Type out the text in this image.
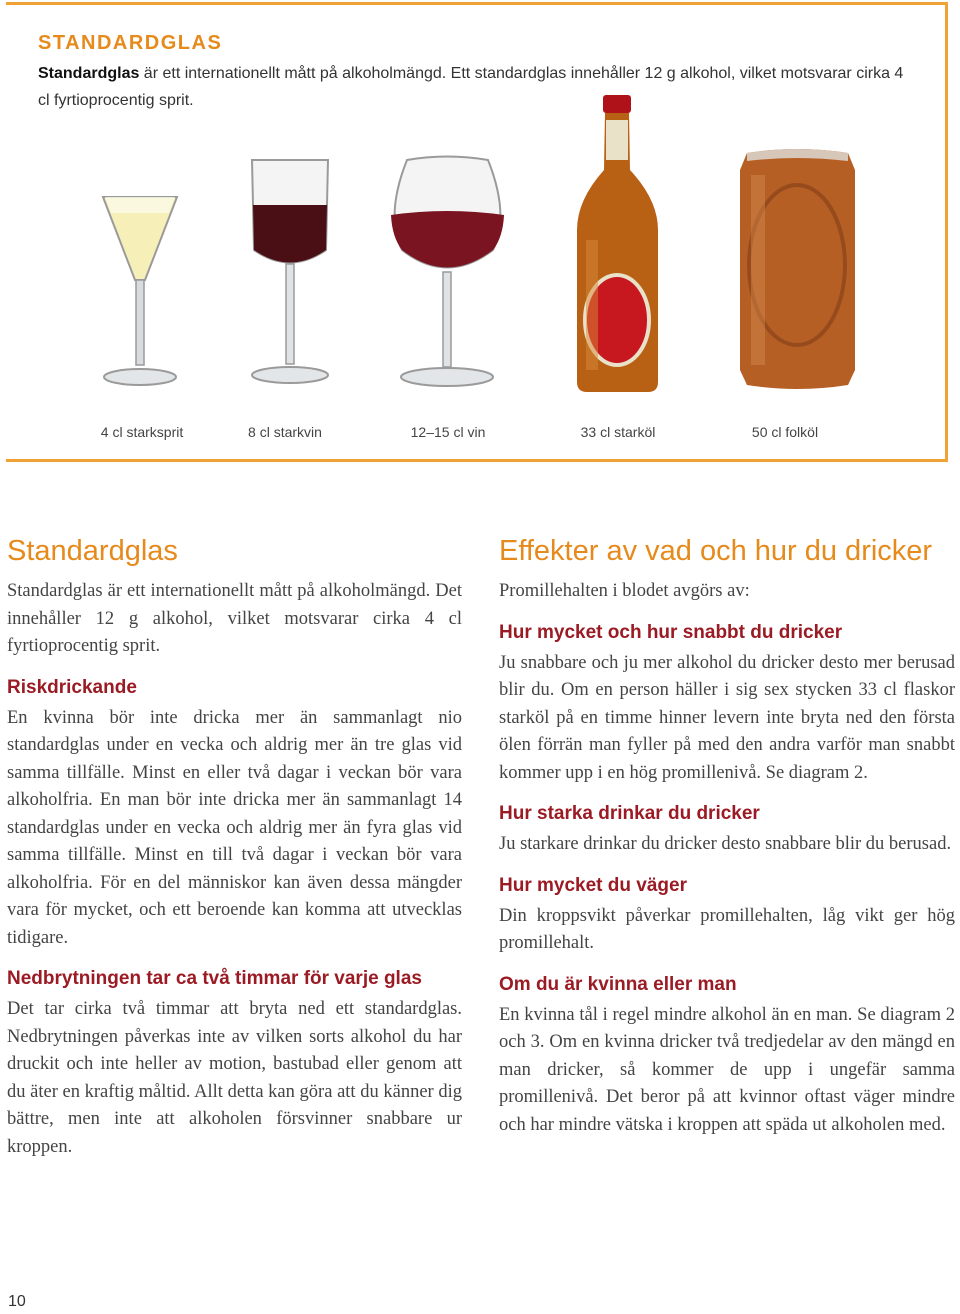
STANDARDGLAS
Standardglas är ett internationellt mått på alkoholmängd. Ett standardglas innehåller 12 g alkohol, vilket motsvarar cirka 4 cl fyrtioprocentig sprit.
4 cl starksprit	8 cl starkvin	12–15 cl vin	33 cl starköl	50 cl folköl
Standardglas

Standardglas är ett internationellt mått på alkoholmängd. Det innehåller 12 g alkohol, vilket motsvarar cirka 4 cl fyrtioprocentig sprit.

Riskdrickande

En kvinna bör inte dricka mer än sammanlagt nio standardglas under en vecka och aldrig mer än tre glas vid samma tillfälle. Minst en eller två dagar i veckan bör vara alkoholfria. En man bör inte dricka mer än sammanlagt 14 standardglas under en vecka och aldrig mer än fyra glas vid samma tillfälle. Minst en till två dagar i veckan bör vara alkoholfria. För en del människor kan även dessa mängder vara för mycket, och ett beroende kan komma att utvecklas tidigare.

Nedbrytningen tar ca två timmar för varje glas

Det tar cirka två timmar att bryta ned ett standardglas. Nedbrytningen påverkas inte av vilken sorts alkohol du har druckit och inte heller av motion, bastubad eller genom att du äter en kraftig måltid. Allt detta kan göra att du känner dig bättre, men inte att alkoholen försvinner snabbare ur kroppen.

Effekter av vad och hur du dricker

Promillehalten i blodet avgörs av:

Hur mycket och hur snabbt du dricker

Ju snabbare och ju mer alkohol du dricker desto mer berusad blir du. Om en person häller i sig sex stycken 33 cl flaskor starköl på en timme hinner levern inte bryta ned den första ölen förrän man fyller på med den andra varför man snabbt kommer upp i en hög promillenivå. Se diagram 2.

Hur starka drinkar du dricker

Ju starkare drinkar du dricker desto snabbare blir du berusad.

Hur mycket du väger

Din kroppsvikt påverkar promillehalten, låg vikt ger hög promillehalt.

Om du är kvinna eller man

En kvinna tål i regel mindre alkohol än en man. Se diagram 2 och 3. Om en kvinna dricker två tredjedelar av den mängd en man dricker, så kommer de upp i ungefär samma promillenivå. Det beror på att kvinnor oftast väger mindre och har mindre vätska i kroppen att späda ut alkoholen med.

10
